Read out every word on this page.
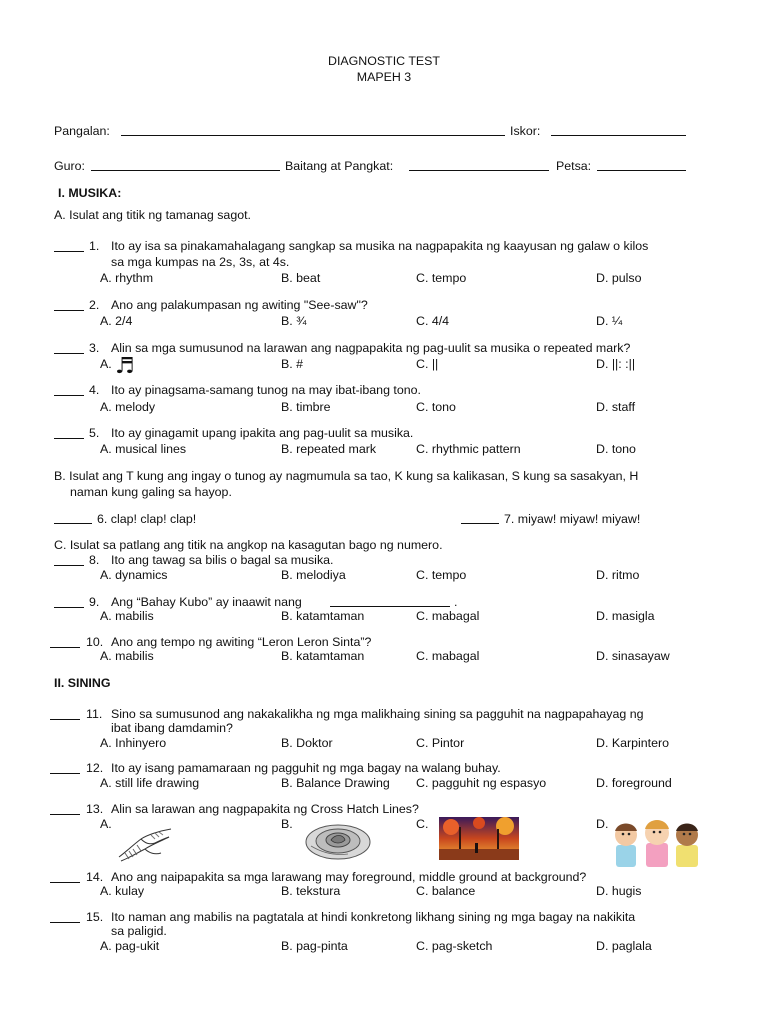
DIAGNOSTIC TEST
MAPEH 3
Pangalan:	Iskor:
Guro:	Baitang at Pangkat:	Petsa:
I. MUSIKA:
A. Isulat ang titik ng tamanag sagot.
1. Ito ay isa sa pinakamahalagang sangkap sa musika na nagpapakita ng kaayusan ng galaw o kilos
sa mga kumpas na 2s, 3s, at 4s.
A. rhythm	B. beat	C. tempo	D. pulso
2. Ano ang palakumpasan ng awiting "See-saw"?
A. 2/4	B. ¾	C. 4/4	D. ¼
3. Alin sa mga sumusunod na larawan ang nagpapakita ng pag-uulit sa musika o repeated mark?
A. ♬	B. #	C. ||	D. ||: :||
4. Ito ay pinagsama-samang tunog na may ibat-ibang tono.
A. melody	B. timbre	C. tono	D. staff
5. Ito ay ginagamit upang ipakita ang pag-uulit sa musika.
A. musical lines	B. repeated mark	C. rhythmic pattern	D. tono
B. Isulat ang T kung ang ingay o tunog ay nagmumula sa tao, K kung sa kalikasan, S kung sa sasakyan, H
naman kung galing sa hayop.
6. clap! clap! clap!	7. miyaw! miyaw! miyaw!
C. Isulat sa patlang ang titik na angkop na kasagutan bago ng numero.
8. Ito ang tawag sa bilis o bagal sa musika.
A. dynamics	B. melodiya	C. tempo	D. ritmo
9. Ang “Bahay Kubo” ay inaawit nang	.
A. mabilis	B. katamtaman	C. mabagal	D. masigla
10. Ano ang tempo ng awiting “Leron Leron Sinta”?
A. mabilis	B. katamtaman	C. mabagal	D. sinasayaw
II. SINING
11. Sino sa sumusunod ang nakakalikha ng mga malikhaing sining sa pagguhit na nagpapahayag ng
ibat ibang damdamin?
A. Inhinyero	B. Doktor	C. Pintor	D. Karpintero
12. Ito ay isang pamamaraan ng pagguhit ng mga bagay na walang buhay.
A. still life drawing	B. Balance Drawing C. pagguhit ng espasyo	D. foreground
13. Alin sa larawan ang nagpapakita ng Cross Hatch Lines?
A.	B.	C.	D.
14. Ano ang naipapakita sa mga larawang may foreground, middle ground at background?
A. kulay	B. tekstura	C. balance	D. hugis
15. Ito naman ang mabilis na pagtatala at hindi konkretong likhang sining ng mga bagay na nakikita
sa paligid.
A. pag-ukit	B. pag-pinta	C. pag-sketch	D. paglala
